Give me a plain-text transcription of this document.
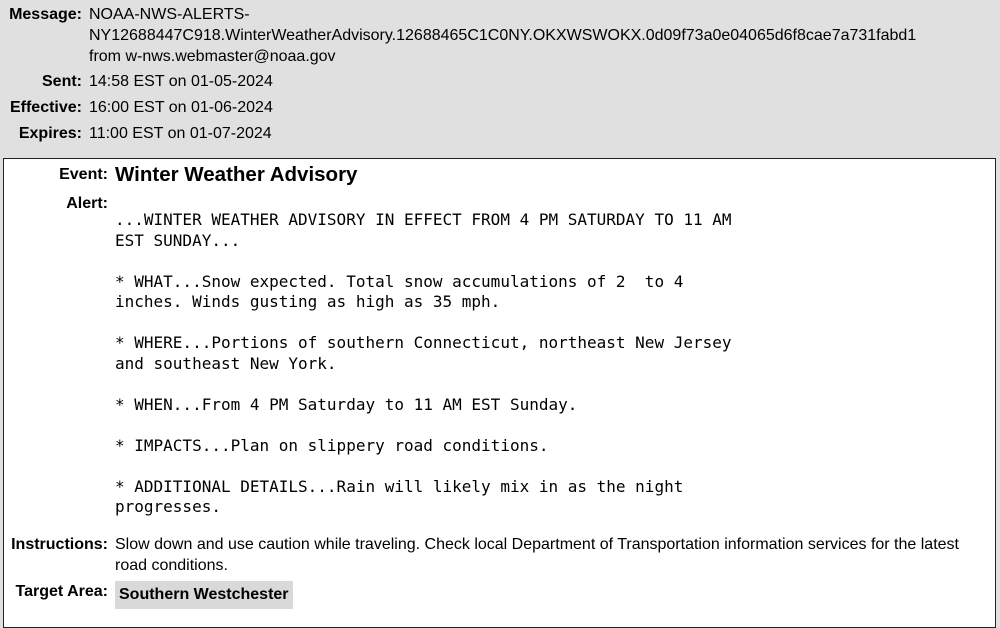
Message: NOAA-NWS-ALERTS-
NY12688447C918.WinterWeatherAdvisory.12688465C1C0NY.OKXWSWOKX.0d09f73a0e04065d6f8cae7a731fabd1
from w-nws.webmaster@noaa.gov
Sent: 14:58 EST on 01-05-2024
Effective: 16:00 EST on 01-06-2024
Expires: 11:00 EST on 01-07-2024
Event: Winter Weather Advisory
Alert:
...WINTER WEATHER ADVISORY IN EFFECT FROM 4 PM SATURDAY TO 11 AM
EST SUNDAY...

* WHAT...Snow expected. Total snow accumulations of 2  to 4
inches. Winds gusting as high as 35 mph.

* WHERE...Portions of southern Connecticut, northeast New Jersey
and southeast New York.

* WHEN...From 4 PM Saturday to 11 AM EST Sunday.

* IMPACTS...Plan on slippery road conditions.

* ADDITIONAL DETAILS...Rain will likely mix in as the night
progresses.
Instructions: Slow down and use caution while traveling. Check local Department of Transportation information services for the latest road conditions.
Target Area: Southern Westchester
